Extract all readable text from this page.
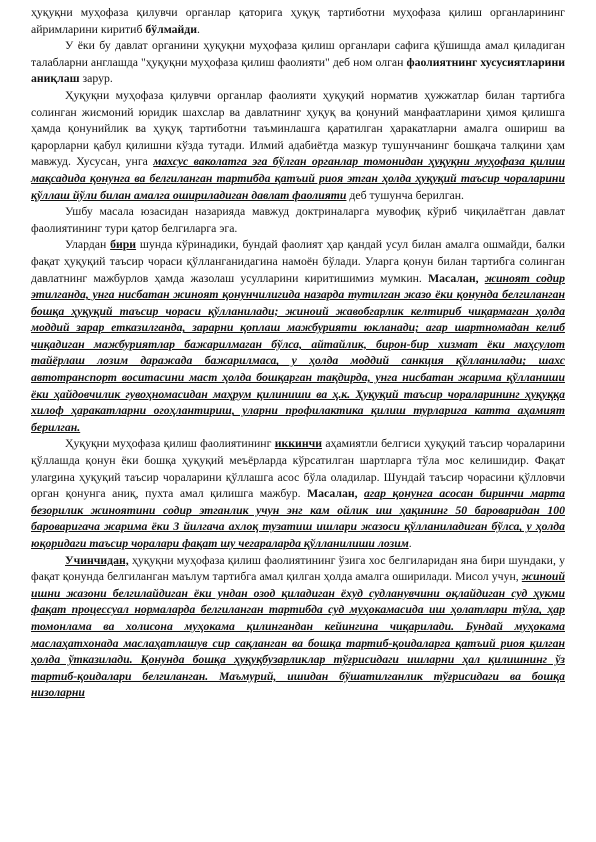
ҳуқуқни муҳофаза қилувчи органлар қаторига ҳуқуқ тартиботни муҳофаза қилиш органларининг айримларини киритиб бўлмайди.

У ёки бу давлат органини ҳуқуқни муҳофаза қилиш органлари сафига қўшишда амал қиладиган талабларни англашда "ҳуқуқни муҳофаза қилиш фаолияти" деб ном олган фаолиятнинг хусусиятларини аниқлаш зарур.

Ҳуқуқни муҳофаза қилувчи органлар фаолияти ҳуқуқий норматив ҳужжатлар билан тартибга солинган жисмоний юридик шахслар ва давлатнинг ҳуқуқ ва қонуний манфаатларини ҳимоя қилишга ҳамда қонунийлик ва ҳуқуқ тартиботни таъминлашга қаратилган ҳаракатларни амалга ошириш ва қарорларни қабул қилишни кўзда тутади. Илмий адабиётда мазкур тушунчанинг бошқача талқини ҳам мавжуд. Хусусан, унга махсус ваколатга эга бўлган органлар томонидан ҳуқуқни муҳофаза қилиш мақсадида қонунга ва белгиланган тартибда қатъий риоя этган ҳолда ҳуқуқий таъсир чораларини қўллаш йўли билан амалга ошириладиган давлат фаолияти деб тушунча берилган.

Ушбу масала юзасидан назарияда мавжуд доктриналарга мувофиқ кўриб чиқилаётган давлат фаолиятининг тури қатор белгиларга эга.

Улардан бири шунда кўринадики, бундай фаолият ҳар қандай усул билан амалга ошмайди, балки фақат ҳуқуқий таъсир чораси қўлланганидагина намоён бўлади. Уларга қонун билан тартибга солинган давлатнинг мажбурлов ҳамда жазолаш усулларини киритишимиз мумкин. Масалан, жиноят содир этилганда, унга нисбатан жиноят қонунчилигида назарда тутилган жазо ёки қонунда белгиланган бошқа ҳуқуқий таъсир чораси қўлланилади; жиноий жавобгарлик келтириб чиқармаган ҳолда моддий зарар етказилганда, зарарни қоплаш мажбурияти юкланади; агар шартномадан келиб чиқадиган мажбуриятлар бажарилмаган бўлса, айтайлик, бирон-бир хизмат ёки маҳсулот тайёрлаш лозим даражада бажарилмаса, у ҳолда моддий санкция қўлланилади; шахс автотранспорт воситасини маст ҳолда бошқарган тақдирда, унга нисбатан жарима қўлланиши ёки ҳайдовчилик гувоҳномасидан маҳрум қилиниши ва ҳ.к. Ҳуқуқий таъсир чораларининг ҳуқуққа хилоф ҳаракатларни огоҳлантириш, уларни профилактика қилиш турларига катта аҳамият берилган.

Ҳуқуқни муҳофаза қилиш фаолиятининг иккинчи аҳамиятли белгиси ҳуқуқий таъсир чораларини қўллашда қонун ёки бошқа ҳуқуқий меъёрларда кўрсатилган шартларга тўла мос келишидир. Фақат улargина ҳуқуқий таъсир чораларини қўллашга асос бўла оладилар. Шундай таъсир чорасини қўлловчи орган қонунга аниқ, пухта амал қилишга мажбур. Масалан, агар қонунга асосан биринчи марта безорилик жиноятини содир этганлик учун энг кам ойлик иш ҳақининг 50 бароваридан 100 бароваригача жарима ёки 3 йилгача ахлоқ тузатиш ишлари жазоси қўлланиладиган бўлса, у ҳолда юқоридаги таъсир чоралари фақат шу чегараларда қўлланилиши лозим.

Учинчидан, ҳуқуқни муҳофаза қилиш фаолиятининг ўзига хос белгиларидан яна бири шундаки, у фақат қонунда белгиланган маълум тартибга амал қилган ҳолда амалга оширилади. Мисол учун, жиноий ишни жазони белгилайдиган ёки ундан озод қиладиган ёхуд судланувчини оқлайдиган суд ҳукми фақат процессуал нормаларда белгиланган тартибда суд муҳокамасида иш ҳолатлари тўла, ҳар томонлама ва холисона муҳокама қилингандан кейингина чиқарилади. Бундай муҳокама маслаҳатхонада маслаҳатлашув сир сақланган ва бошқа тартиб-қоидаларга қатъий риоя қилган ҳолда ўтказилади. Қонунда бошқа ҳуқуқбузарликлар тўғрисидаги ишларни ҳал қилишнинг ўз тартиб-қоидалари белгиланган. Маъмурий, ишидан бўшатилганлик тўғрисидаги ва бошқа низоларни
